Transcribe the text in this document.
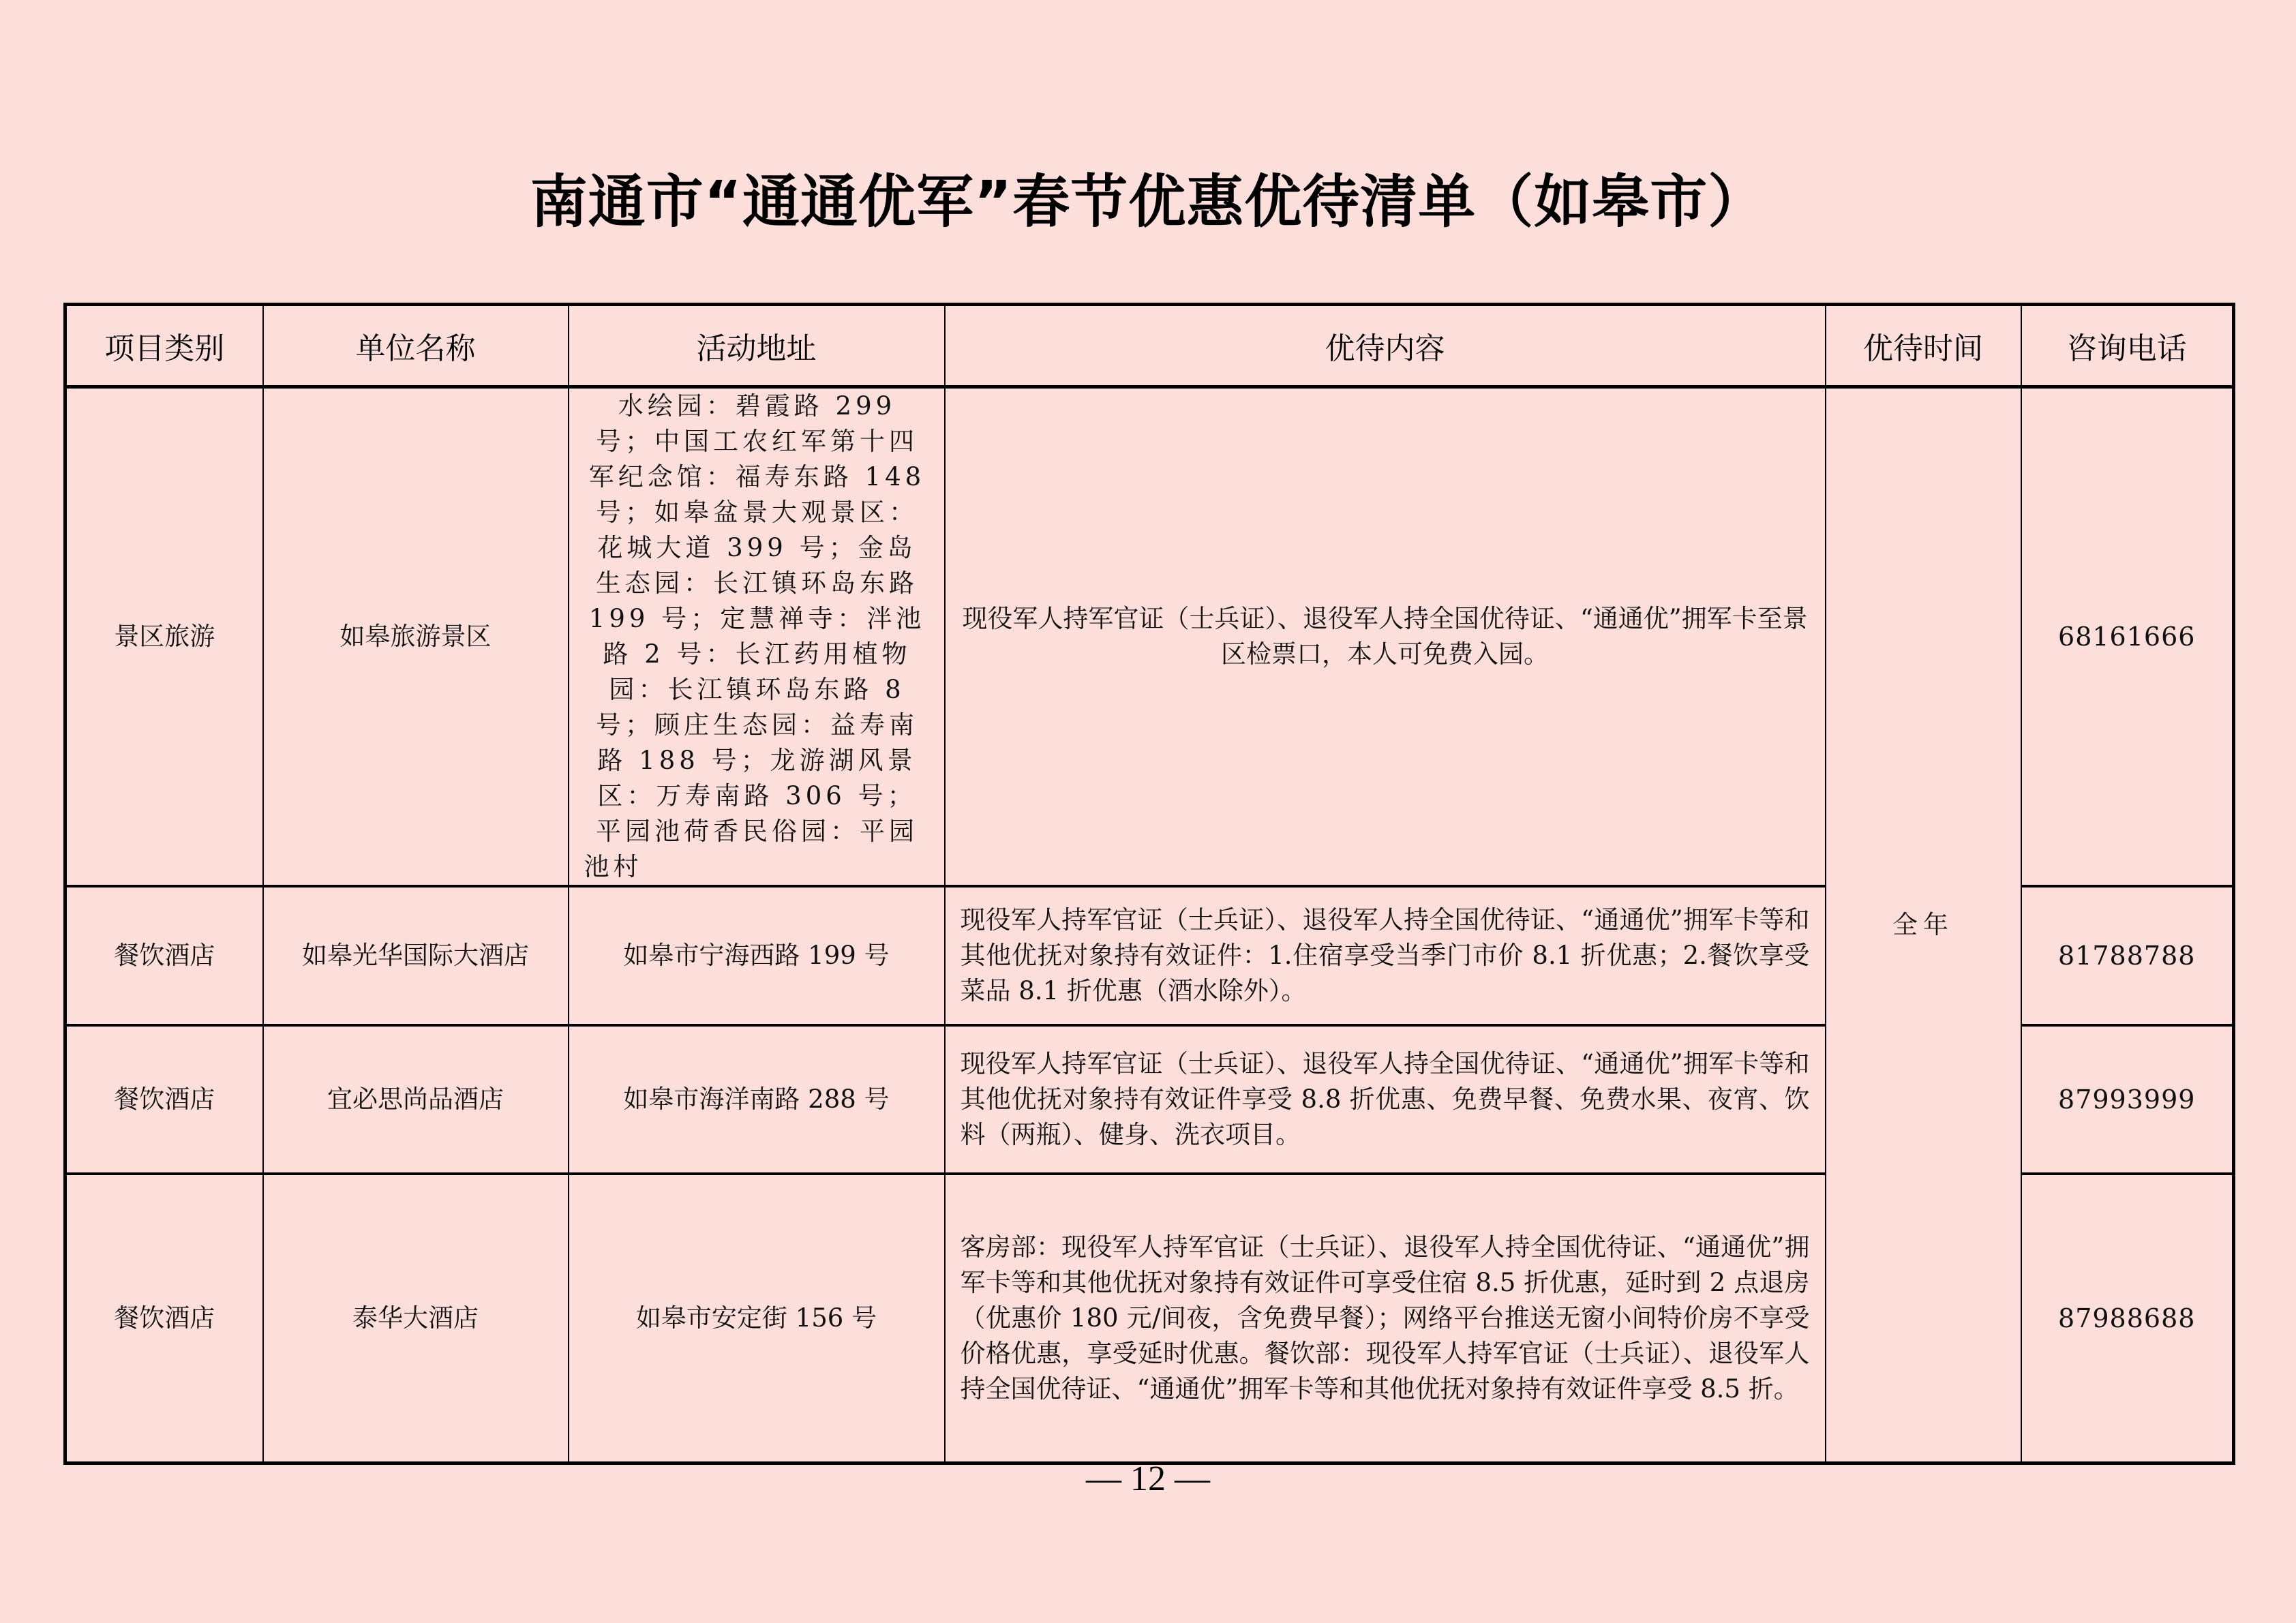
南通市“通通优军”春节优惠优待清单（如皋市）
项目类别	单位名称	活动地址	优待内容	优待时间	咨询电话
景区旅游	如皋旅游景区	水绘园：碧霞路 299 号；中国工农红军第十四军纪念馆：福寿东路 148 号；如皋盆景大观景区：花城大道 399 号；金岛生态园：长江镇环岛东路 199 号；定慧禅寺：泮池路 2 号：长江药用植物园：长江镇环岛东路 8 号；顾庄生态园：益寿南路 188 号；龙游湖风景区：万寿南路 306 号；平园池荷香民俗园：平园池村	现役军人持军官证（士兵证）、退役军人持全国优待证、“通通优”拥军卡至景区检票口，本人可免费入园。	全年	68161666
餐饮酒店	如皋光华国际大酒店	如皋市宁海西路 199 号	现役军人持军官证（士兵证）、退役军人持全国优待证、“通通优”拥军卡等和其他优抚对象持有效证件：1.住宿享受当季门市价 8.1 折优惠；2.餐饮享受菜品 8.1 折优惠（酒水除外）。		81788788
餐饮酒店	宜必思尚品酒店	如皋市海洋南路 288 号	现役军人持军官证（士兵证）、退役军人持全国优待证、“通通优”拥军卡等和其他优抚对象持有效证件享受 8.8 折优惠、免费早餐、免费水果、夜宵、饮料（两瓶）、健身、洗衣项目。		87993999
餐饮酒店	泰华大酒店	如皋市安定街 156 号	客房部：现役军人持军官证（士兵证）、退役军人持全国优待证、“通通优”拥军卡等和其他优抚对象持有效证件可享受住宿 8.5 折优惠，延时到 2 点退房（优惠价 180 元/间夜，含免费早餐）；网络平台推送无窗小间特价房不享受价格优惠，享受延时优惠。餐饮部：现役军人持军官证（士兵证）、退役军人持全国优待证、“通通优”拥军卡等和其他优抚对象持有效证件享受 8.5 折。		87988688
— 12 —
